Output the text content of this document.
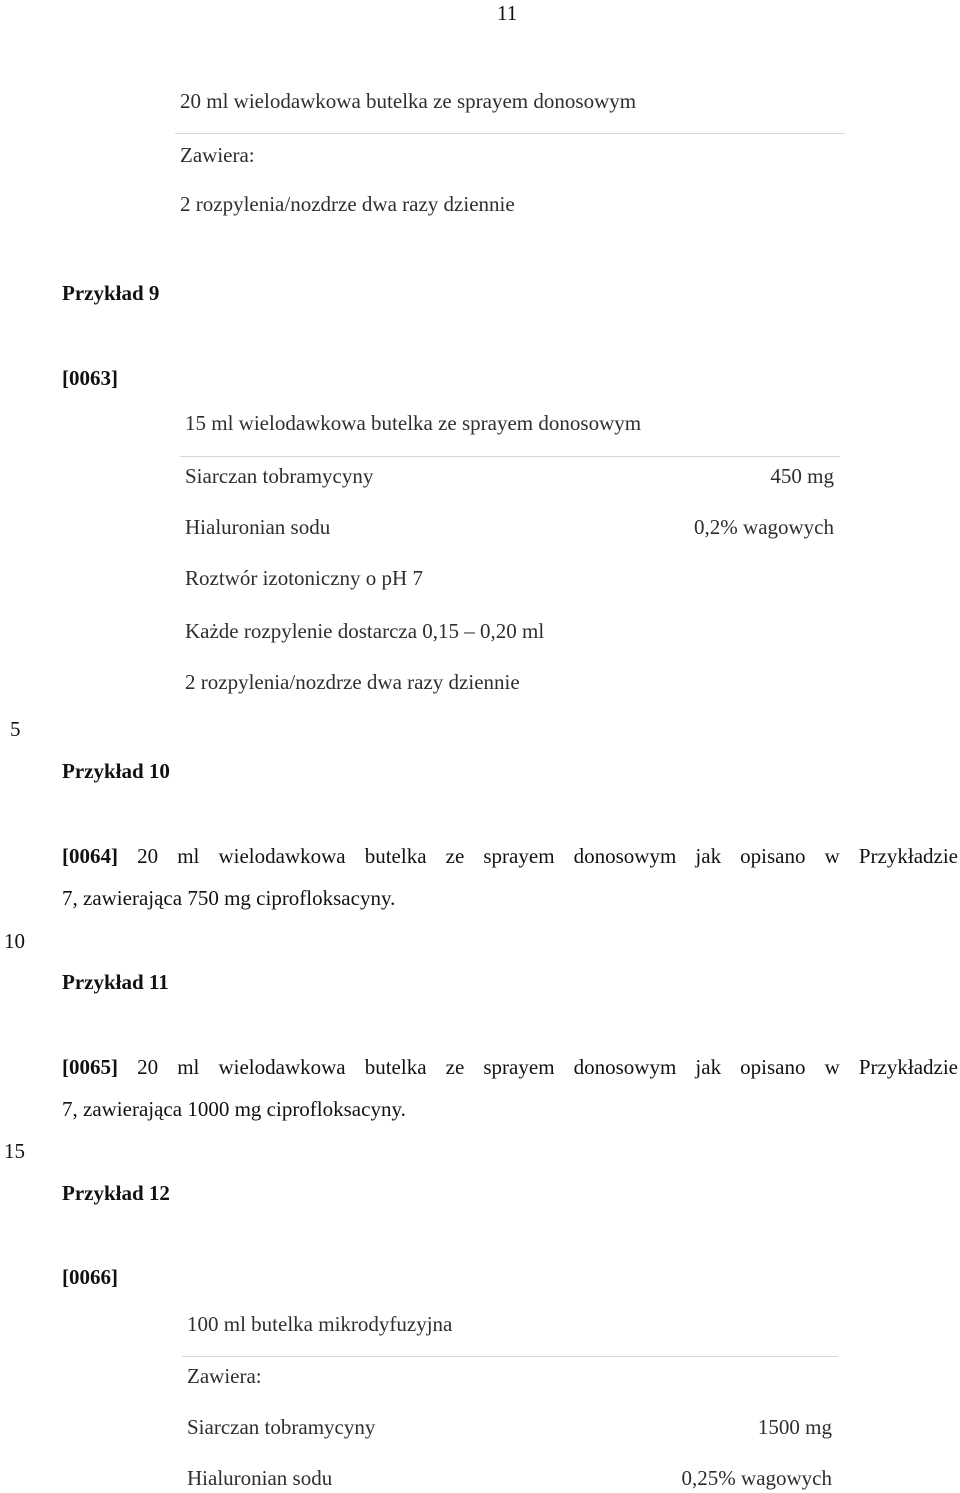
11
20 ml wielodawkowa butelka ze sprayem donosowym
Zawiera:
2 rozpylenia/nozdrze dwa razy dziennie
Przykład 9
[0063]
15 ml wielodawkowa butelka ze sprayem donosowym
Siarczan tobramycyny	450 mg
Hialuronian sodu	0,2% wagowych
Roztwór izotoniczny o pH 7
Każde rozpylenie dostarcza 0,15 – 0,20 ml
2 rozpylenia/nozdrze dwa razy dziennie
5
Przykład 10
[0064] 20 ml wielodawkowa butelka ze sprayem donosowym jak opisano w Przykładzie
7, zawierająca 750 mg ciprofloksacyny.
10
Przykład 11
[0065] 20 ml wielodawkowa butelka ze sprayem donosowym jak opisano w Przykładzie
7, zawierająca 1000 mg ciprofloksacyny.
15
Przykład 12
[0066]
100 ml butelka mikrodyfuzyjna
Zawiera:
Siarczan tobramycyny	1500 mg
Hialuronian sodu	0,25% wagowych
